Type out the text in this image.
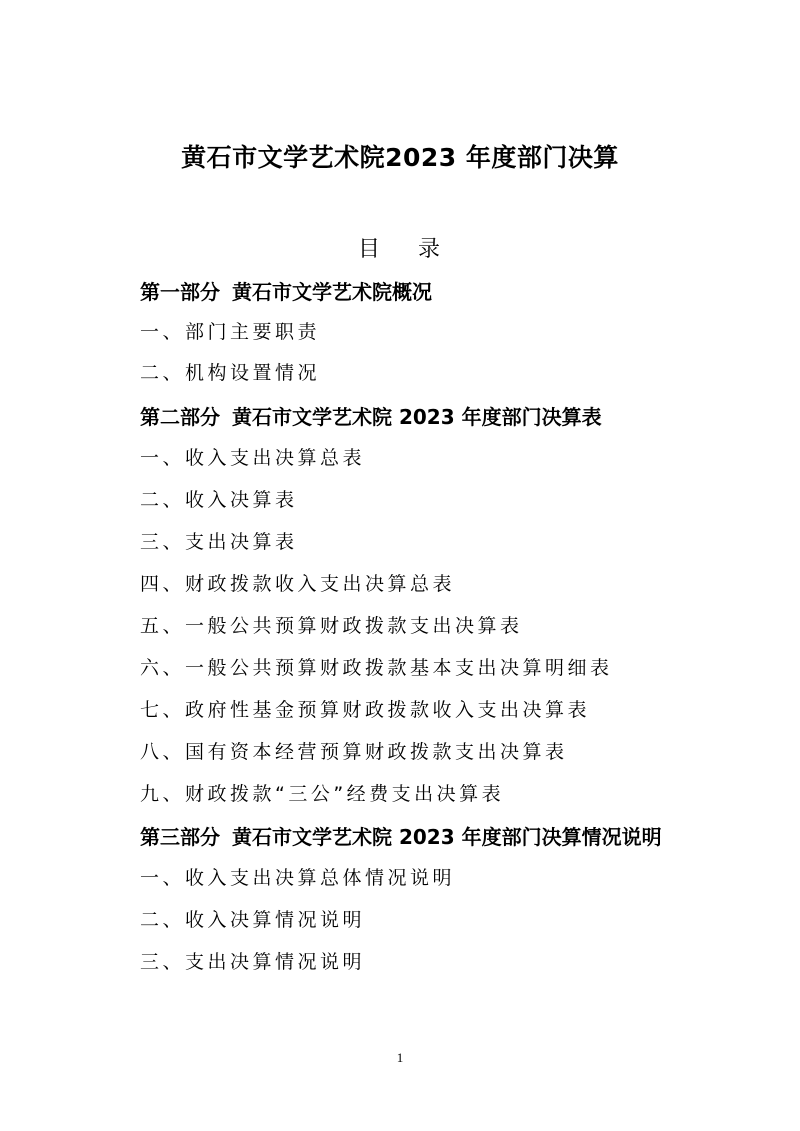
黄石市文学艺术院2023 年度部门决算
目 录
第一部分 黄石市文学艺术院概况
一、部门主要职责
二、机构设置情况
第二部分 黄石市文学艺术院 2023 年度部门决算表
一、收入支出决算总表
二、收入决算表
三、支出决算表
四、财政拨款收入支出决算总表
五、一般公共预算财政拨款支出决算表
六、一般公共预算财政拨款基本支出决算明细表
七、政府性基金预算财政拨款收入支出决算表
八、国有资本经营预算财政拨款支出决算表
九、财政拨款“三公”经费支出决算表
第三部分 黄石市文学艺术院 2023 年度部门决算情况说明
一、收入支出决算总体情况说明
二、收入决算情况说明
三、支出决算情况说明
1
